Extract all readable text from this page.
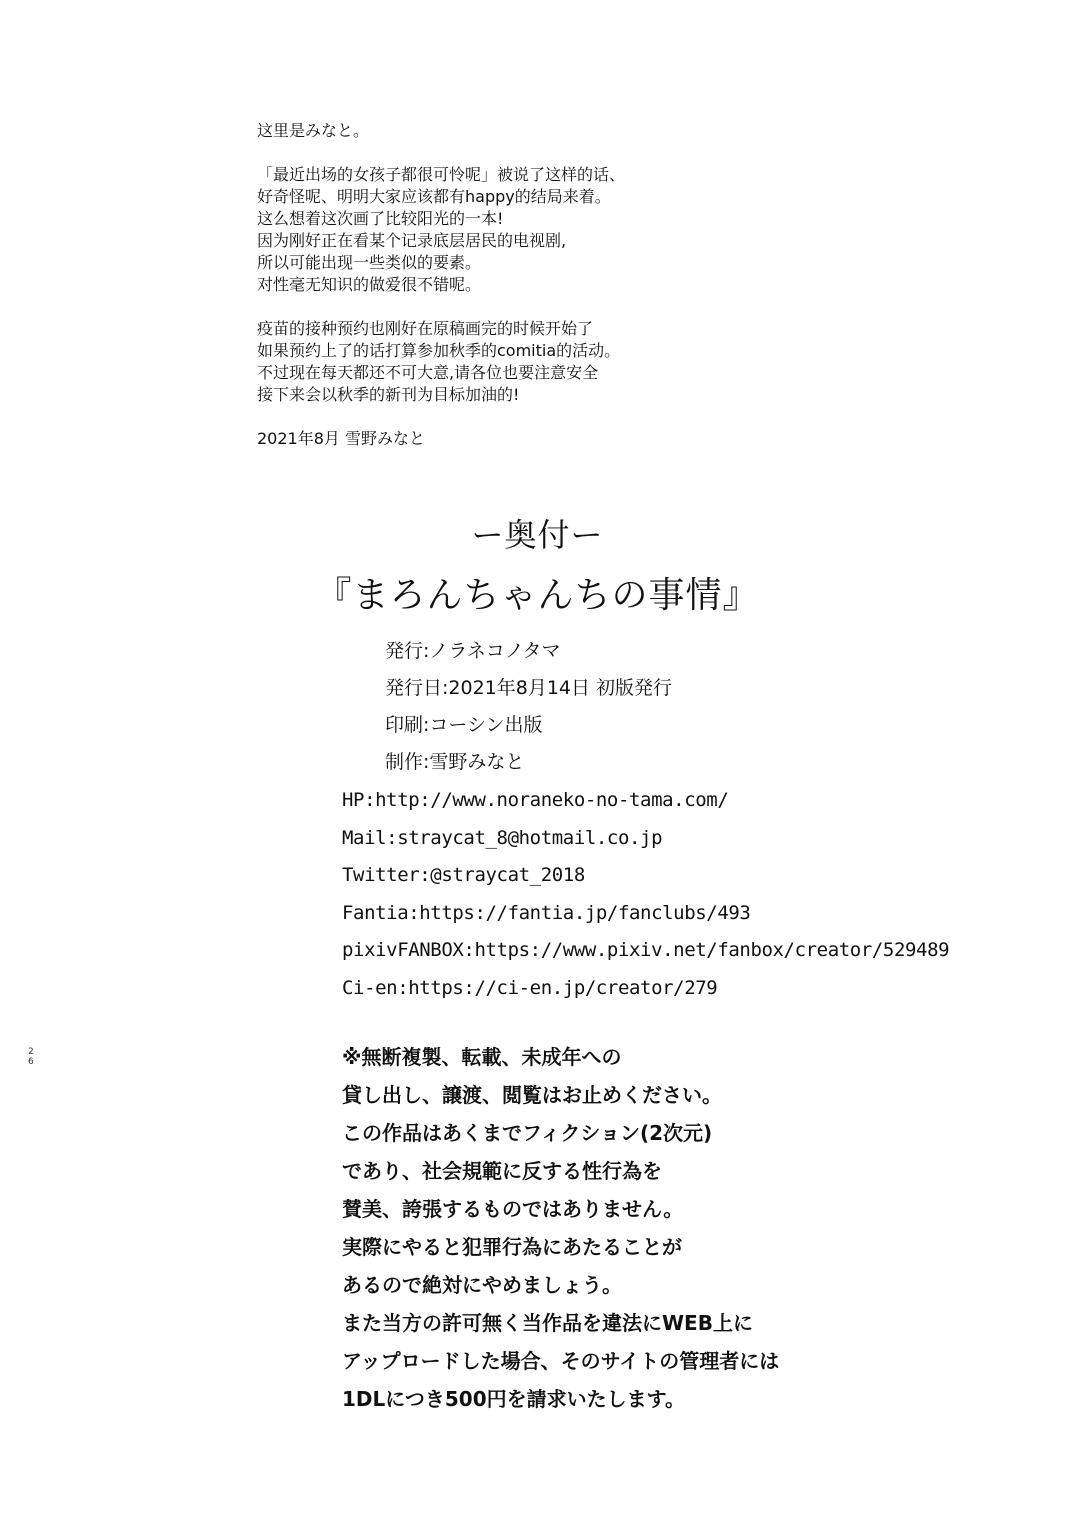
这里是みなと。

「最近出场的女孩子都很可怜呢」被说了这样的话、

好奇怪呢、明明大家应该都有happy的结局来着。

这么想着这次画了比较阳光的一本!

因为刚好正在看某个记录底层居民的电视剧,

所以可能出现一些类似的要素。

对性毫无知识的做爱很不错呢。

疫苗的接种预约也刚好在原稿画完的时候开始了

如果预约上了的话打算参加秋季的comitia的活动。

不过现在每天都还不可大意,请各位也要注意安全

接下来会以秋季的新刊为目标加油的!

2021年8月 雪野みなと

ー奥付ー
『まろんちゃんちの事情』
発行:ノラネコノタマ
発行日:2021年8月14日 初版発行
印刷:コーシン出版
制作:雪野みなと
HP:http://www.noraneko-no-tama.com/
Mail:straycat_8@hotmail.co.jp
Twitter:@straycat_2018
Fantia:https://fantia.jp/fanclubs/493
pixivFANBOX:https://www.pixiv.net/fanbox/creator/529489
Ci-en:https://ci-en.jp/creator/279
※無断複製、転載、未成年への
貸し出し、譲渡、閲覧はお止めください。
この作品はあくまでフィクション(2次元)
であり、社会規範に反する性行為を
賛美、誇張するものではありません。
実際にやると犯罪行為にあたることが
あるので絶対にやめましょう。
また当方の許可無く当作品を違法にWEB上に
アップロードした場合、そのサイトの管理者には
1DLにつき500円を請求いたします。
26
